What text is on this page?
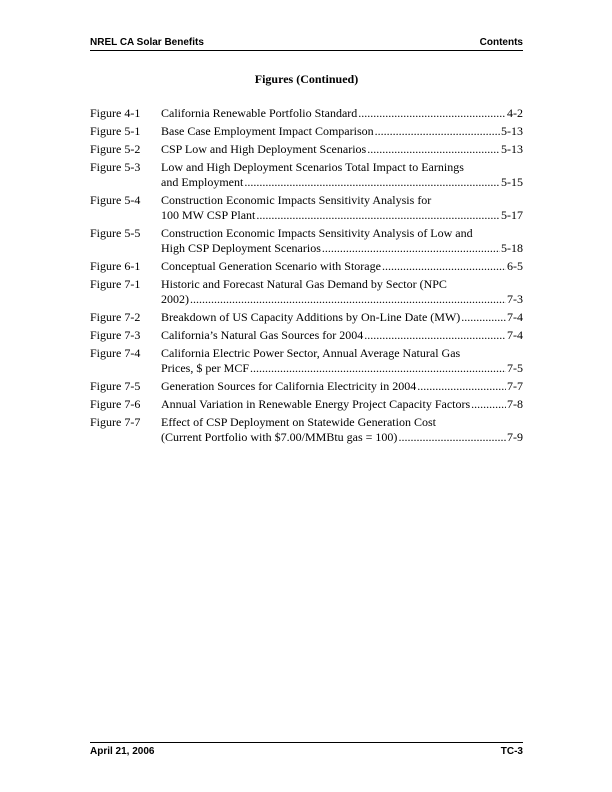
NREL CA Solar Benefits	Contents
Figures (Continued)
Figure 4-1	California Renewable Portfolio Standard .....	4-2
Figure 5-1	Base Case Employment Impact Comparison .....	5-13
Figure 5-2	CSP Low and High Deployment Scenarios .....	5-13
Figure 5-3	Low and High Deployment Scenarios Total Impact to Earnings
and Employment .....	5-15
Figure 5-4	Construction Economic Impacts Sensitivity Analysis for
100 MW CSP Plant .....	5-17
Figure 5-5	Construction Economic Impacts Sensitivity Analysis of Low and
High CSP Deployment Scenarios .....	5-18
Figure 6-1	Conceptual Generation Scenario with Storage .....	6-5
Figure 7-1	Historic and Forecast Natural Gas Demand by Sector (NPC
2002) .....	7-3
Figure 7-2	Breakdown of US Capacity Additions by On-Line Date (MW) .....	7-4
Figure 7-3	California’s Natural Gas Sources for 2004 .....	7-4
Figure 7-4	California Electric Power Sector, Annual Average Natural Gas
Prices, $ per MCF .....	7-5
Figure 7-5	Generation Sources for California Electricity in 2004 .....	7-7
Figure 7-6	Annual Variation in Renewable Energy Project Capacity Factors .....	7-8
Figure 7-7	Effect of CSP Deployment on Statewide Generation Cost
(Current Portfolio with $7.00/MMBtu gas = 100) .....	7-9
April 21, 2006	TC-3
